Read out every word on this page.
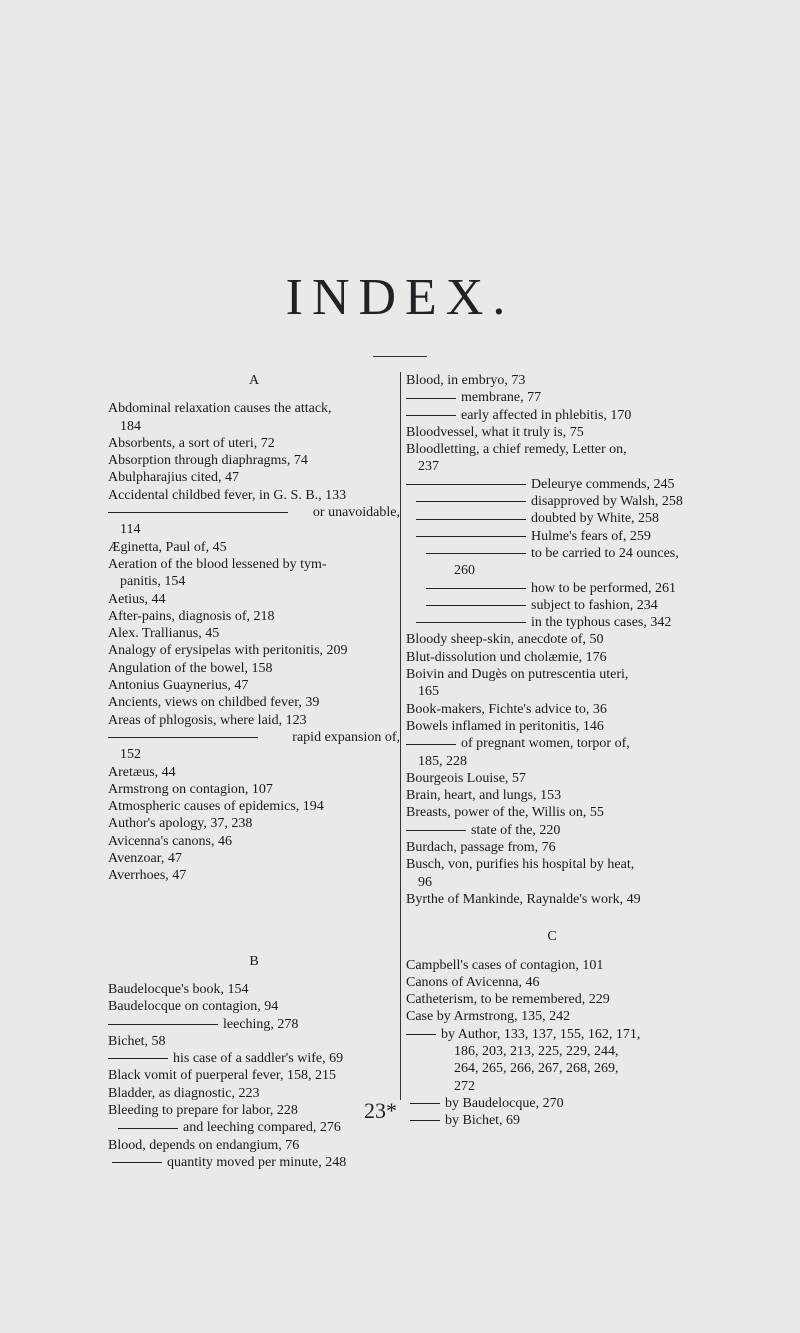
INDEX.
A
Abdominal relaxation causes the attack,
184
Absorbents, a sort of uteri, 72
Absorption through diaphragms, 74
Abulpharajius cited, 47
Accidental childbed fever, in G. S. B., 133
or unavoidable,
114
Æginetta, Paul of, 45
Aeration of the blood lessened by tym-
panitis, 154
Aetius, 44
After-pains, diagnosis of, 218
Alex. Trallianus, 45
Analogy of erysipelas with peritonitis, 209
Angulation of the bowel, 158
Antonius Guaynerius, 47
Ancients, views on childbed fever, 39
Areas of phlogosis, where laid, 123
rapid expansion of,
152
Aretæus, 44
Armstrong on contagion, 107
Atmospheric causes of epidemics, 194
Author's apology, 37, 238
Avicenna's canons, 46
Avenzoar, 47
Averrhoes, 47
B
Baudelocque's book, 154
Baudelocque on contagion, 94
leeching, 278
Bichet, 58
his case of a saddler's wife, 69
Black vomit of puerperal fever, 158, 215
Bladder, as diagnostic, 223
Bleeding to prepare for labor, 228
and leeching compared, 276
Blood, depends on endangium, 76
quantity moved per minute, 248
Blood, in embryo, 73
membrane, 77
early affected in phlebitis, 170
Bloodvessel, what it truly is, 75
Bloodletting, a chief remedy, Letter on,
237
Deleurye commends, 245
disapproved by Walsh, 258
doubted by White, 258
Hulme's fears of, 259
to be carried to 24 ounces,
260
how to be performed, 261
subject to fashion, 234
in the typhous cases, 342
Bloody sheep-skin, anecdote of, 50
Blut-dissolution und cholæmie, 176
Boivin and Dugès on putrescentia uteri,
165
Book-makers, Fichte's advice to, 36
Bowels inflamed in peritonitis, 146
of pregnant women, torpor of,
185, 228
Bourgeois Louise, 57
Brain, heart, and lungs, 153
Breasts, power of the, Willis on, 55
state of the, 220
Burdach, passage from, 76
Busch, von, purifies his hospital by heat,
96
Byrthe of Mankinde, Raynalde's work, 49
C
Campbell's cases of contagion, 101
Canons of Avicenna, 46
Catheterism, to be remembered, 229
Case by Armstrong, 135, 242
by Author, 133, 137, 155, 162, 171,
186, 203, 213, 225, 229, 244,
264, 265, 266, 267, 268, 269,
272
by Baudelocque, 270
by Bichet, 69
23*
